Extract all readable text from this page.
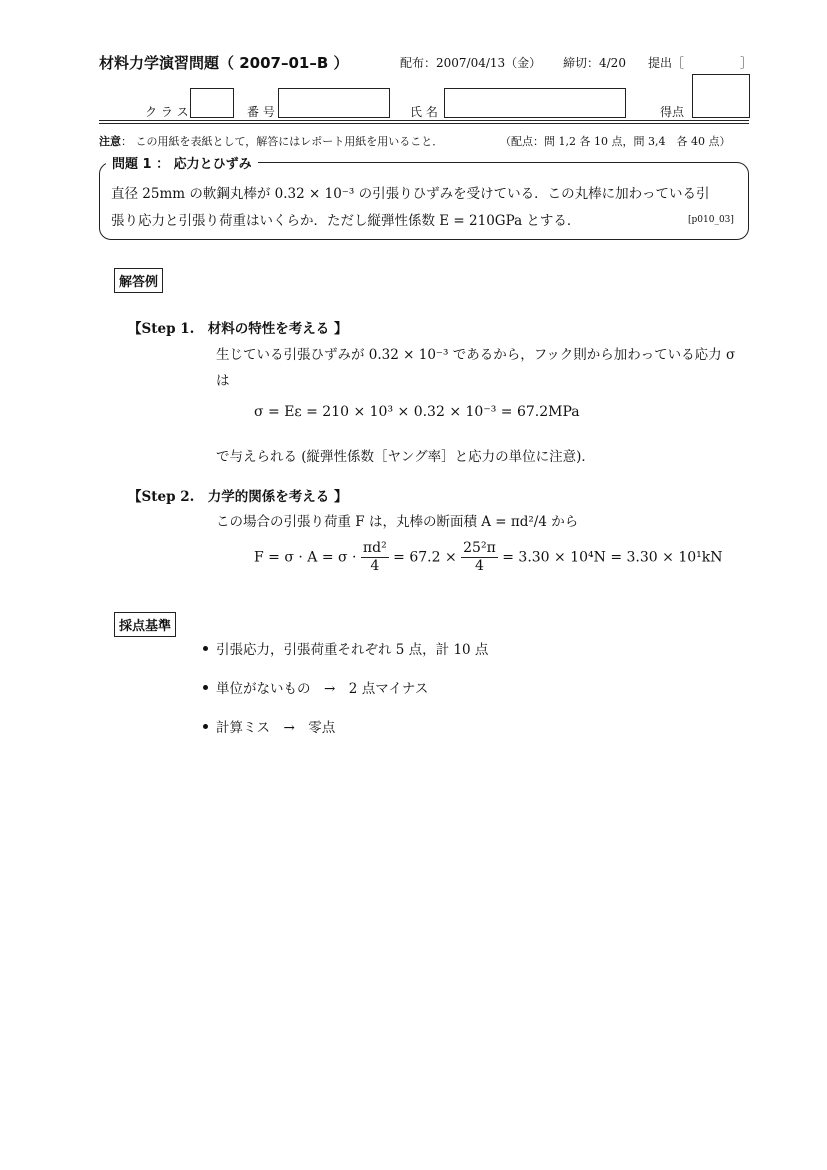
材料力学演習問題（ 2007–01–B ）	配布：2007/04/13（金） 締切：4/20 提出［	］
ク ラ ス	番 号	氏 名	得点
注意： この用紙を表紙として，解答にはレポート用紙を用いること．	（配点：問 1,2 各 10 点，問 3,4　各 40 点）
問題 1 ： 応力とひずみ
直径 25mm の軟鋼丸棒が 0.32 × 10⁻³ の引張りひずみを受けている．この丸棒に加わっている引
張り応力と引張り荷重はいくらか．ただし縦弾性係数 E = 210GPa とする．	[p010_03]
解答例
【Step 1.　材料の特性を考える 】
生じている引張ひずみが 0.32 × 10⁻³ であるから，フック則から加わっている応力 σ
は
σ = Eε = 210 × 10³ × 0.32 × 10⁻³ = 67.2MPa
で与えられる (縦弾性係数［ヤング率］と応力の単位に注意)．
【Step 2.　力学的関係を考える 】
この場合の引張り荷重 F は，丸棒の断面積 A = πd²/4 から
$F = \sigma \cdot A = \sigma \cdot \frac{\text{πd²}}{4} = 67.2 \times \frac{\text{25²π}}{4} = 3.30 \times 10^4N = 3.30 \times 10^1kN$
採点基準
引張応力，引張荷重それぞれ 5 点，計 10 点
単位がないもの　→　2 点マイナス
計算ミス　→　零点
